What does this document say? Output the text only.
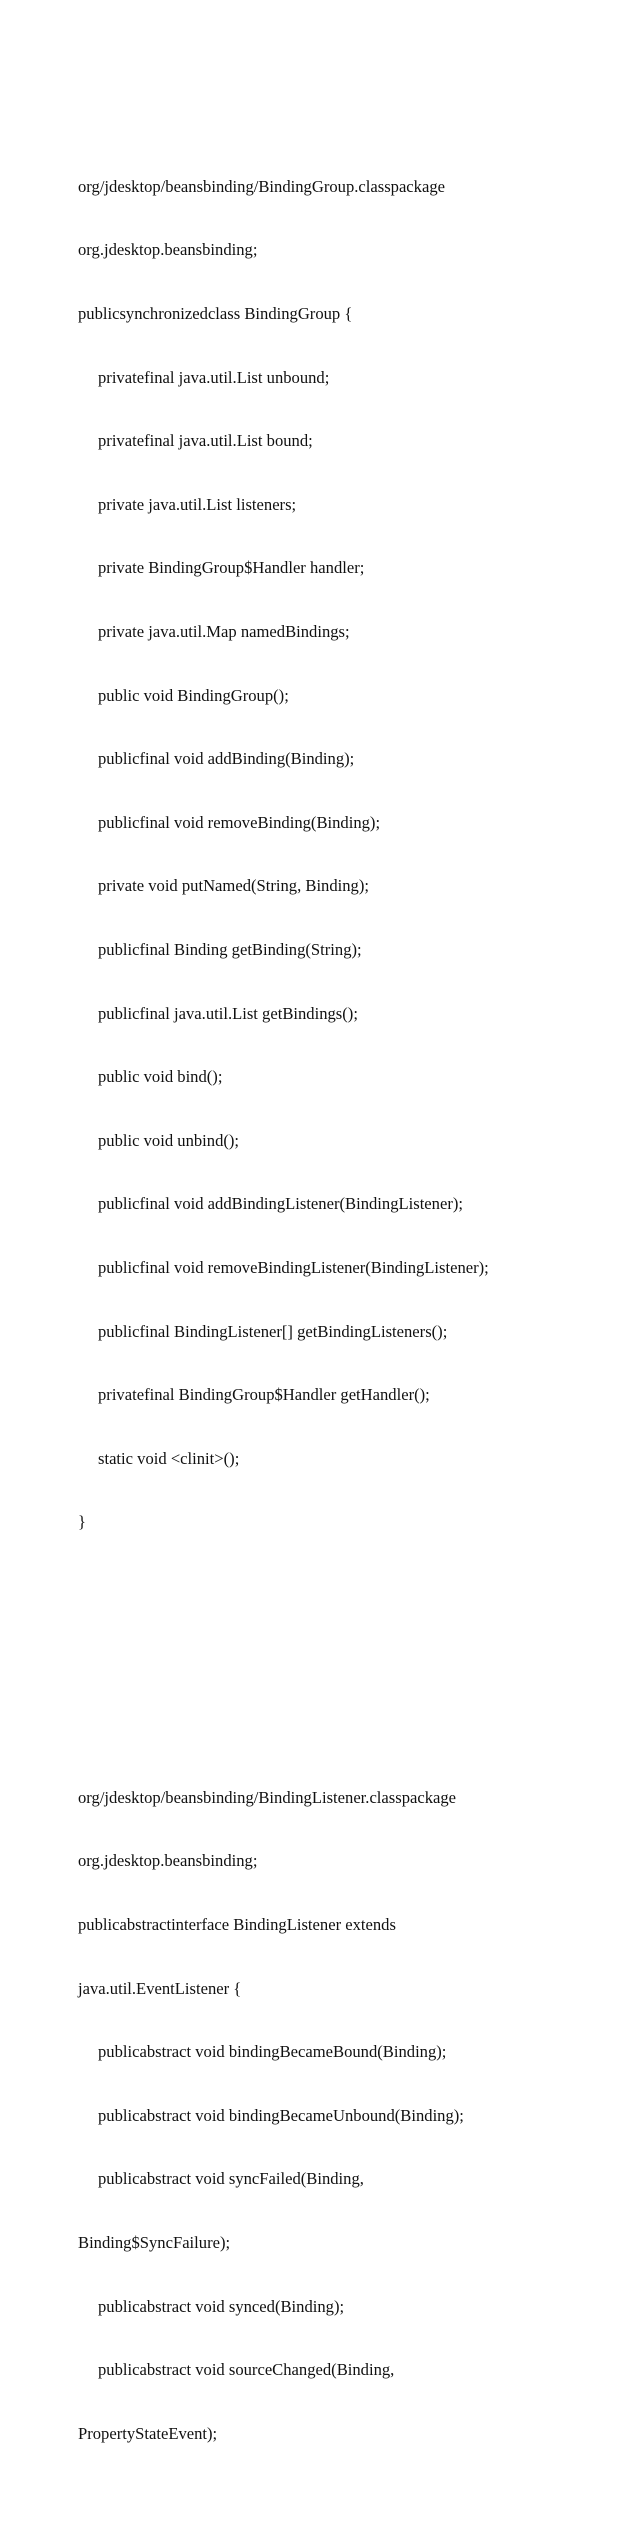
org/jdesktop/beansbinding/BindingGroup.classpackage

org.jdesktop.beansbinding;

publicsynchronizedclass BindingGroup {

privatefinal java.util.List unbound;

privatefinal java.util.List bound;

private java.util.List listeners;

private BindingGroup$Handler handler;

private java.util.Map namedBindings;

public void BindingGroup();

publicfinal void addBinding(Binding);

publicfinal void removeBinding(Binding);

private void putNamed(String, Binding);

publicfinal Binding getBinding(String);

publicfinal java.util.List getBindings();

public void bind();

public void unbind();

publicfinal void addBindingListener(BindingListener);

publicfinal void removeBindingListener(BindingListener);

publicfinal BindingListener[] getBindingListeners();

privatefinal BindingGroup$Handler getHandler();

static void <clinit>();

}

org/jdesktop/beansbinding/BindingListener.classpackage

org.jdesktop.beansbinding;

publicabstractinterface BindingListener extends

java.util.EventListener {

publicabstract void bindingBecameBound(Binding);

publicabstract void bindingBecameUnbound(Binding);

publicabstract void syncFailed(Binding,

Binding$SyncFailure);

publicabstract void synced(Binding);

publicabstract void sourceChanged(Binding,

PropertyStateEvent);
